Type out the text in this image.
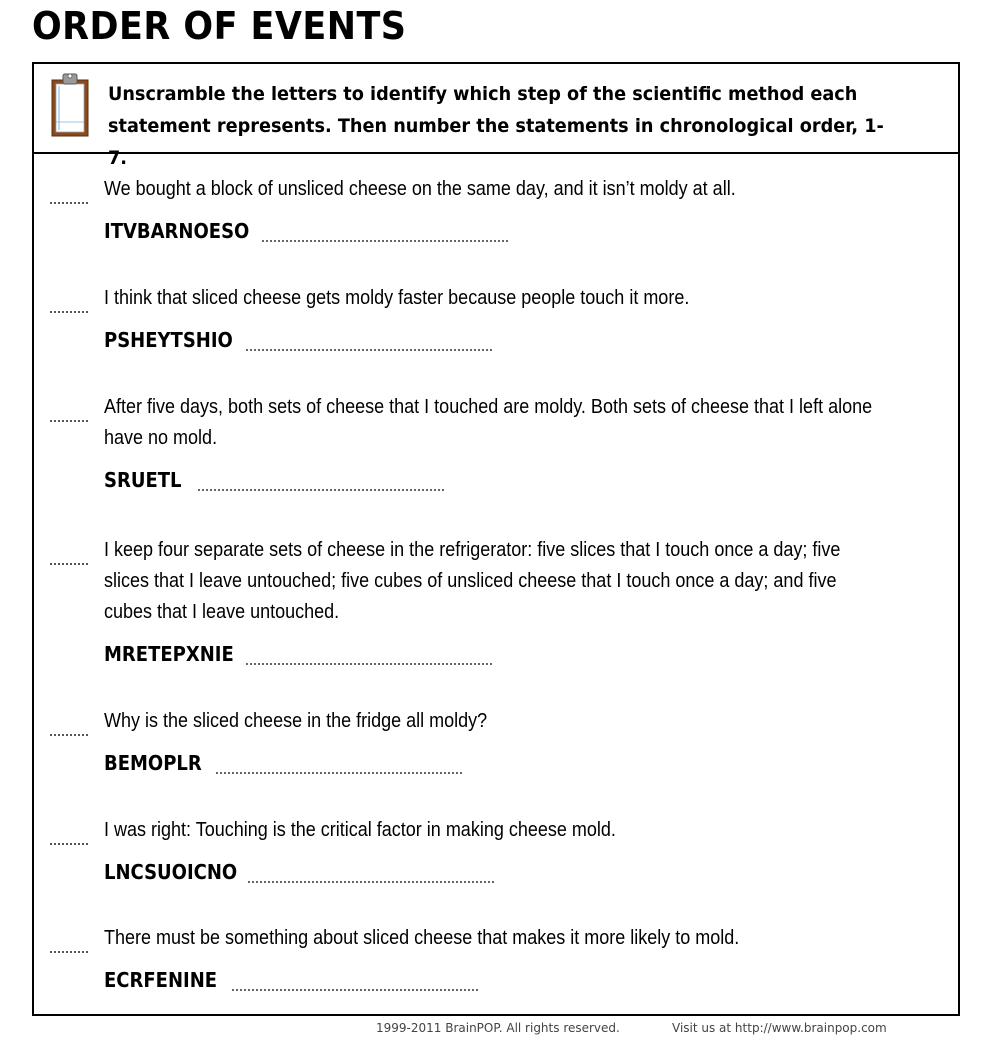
ORDER OF EVENTS
Unscramble the letters to identify which step of the scientific method each statement represents. Then number the statements in chronological order, 1-7.
We bought a block of unsliced cheese on the same day, and it isn’t moldy at all.
ITVBARNOESO
I think that sliced cheese gets moldy faster because people touch it more.
PSHEYTSHIO
After five days, both sets of cheese that I touched are moldy. Both sets of cheese that I left alone have no mold.
SRUETL
I keep four separate sets of cheese in the refrigerator: five slices that I touch once a day; five slices that I leave untouched; five cubes of unsliced cheese that I touch once a day; and five cubes that I leave untouched.
MRETEPXNIE
Why is the sliced cheese in the fridge all moldy?
BEMOPLR
I was right: Touching is the critical factor in making cheese mold.
LNCSUOICNO
There must be something about sliced cheese that makes it more likely to mold.
ECRFENINE
1999-2011 BrainPOP. All rights reserved.	Visit us at http://www.brainpop.com
